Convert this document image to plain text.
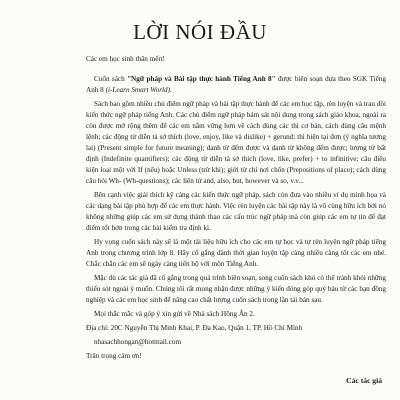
LỜI NÓI ĐẦU

Các em học sinh thân mến!

Cuốn sách "Ngữ pháp và Bài tập thực hành Tiếng Anh 8" được biên soạn dựa theo SGK Tiếng Anh 8 (i-Learn Smart World).

Sách bao gồm nhiều chủ điểm ngữ pháp và bài tập thực hành để các em học tập, rèn luyện và trau dồi kiến thức ngữ pháp tiếng Anh. Các chủ điểm ngữ pháp bám sát nội dung trong sách giáo khoa, ngoài ra còn được mở rộng thêm để các em nắm vững hơn về cách dùng các thì cơ bản, cách dùng câu mệnh lệnh; các động từ diễn tả sở thích (love, enjoy, like và dislike) + gerund; thì hiện tại đơn (ý nghĩa tương lai) (Present simple for future meaning); danh từ đếm được và danh từ không đếm được; lượng từ bất định (Indefinite quantifiers); các động từ diễn tả sở thích (love, like, prefer) + to infinitive; câu điều kiện loại một với If (nếu) hoặc Unless (trừ khi); giới từ chỉ nơi chốn (Prepositions of place); cách dùng câu hỏi Wh- (Wh-questions); các liên từ and, also, but, however và so, v.v...

Bên cạnh việc giải thích kỹ càng các kiến thức ngữ pháp, sách còn đưa vào nhiều ví dụ minh họa và các dạng bài tập phù hợp để các em thực hành. Việc rèn luyện các bài tập này là vô cùng hữu ích bởi nó không những giúp các em sử dụng thành thạo các cấu trúc ngữ pháp mà còn giúp các em tự tin để đạt điểm tốt hơn trong các bài kiểm tra định kì.

Hy vọng cuốn sách này sẽ là một tài liệu hữu ích cho các em tự học và tự rèn luyện ngữ pháp tiếng Anh trong chương trình lớp 8. Hãy cố gắng dành thời gian luyện tập càng nhiều càng tốt các em nhé. Chắc chắn các em sẽ ngày càng tiến bộ với môn Tiếng Anh.

Mặc dù các tác giả đã cố gắng trong quá trình biên soạn, song cuốn sách khó có thể tránh khỏi những thiếu sót ngoài ý muốn. Chúng tôi rất mong nhận được những ý kiến đóng góp quý báu từ các bạn đồng nghiệp và các em học sinh để nâng cao chất lượng cuốn sách trong lần tái bản sau.

Mọi thắc mắc và góp ý xin gửi về Nhà sách Hồng Ân 2.

Địa chỉ: 20C Nguyễn Thị Minh Khai, P. Đa Kao, Quận 1, TP. Hồ Chí Minh

nhasachhongan@hotmail.com

Trân trọng cảm ơn!

Các tác giả
